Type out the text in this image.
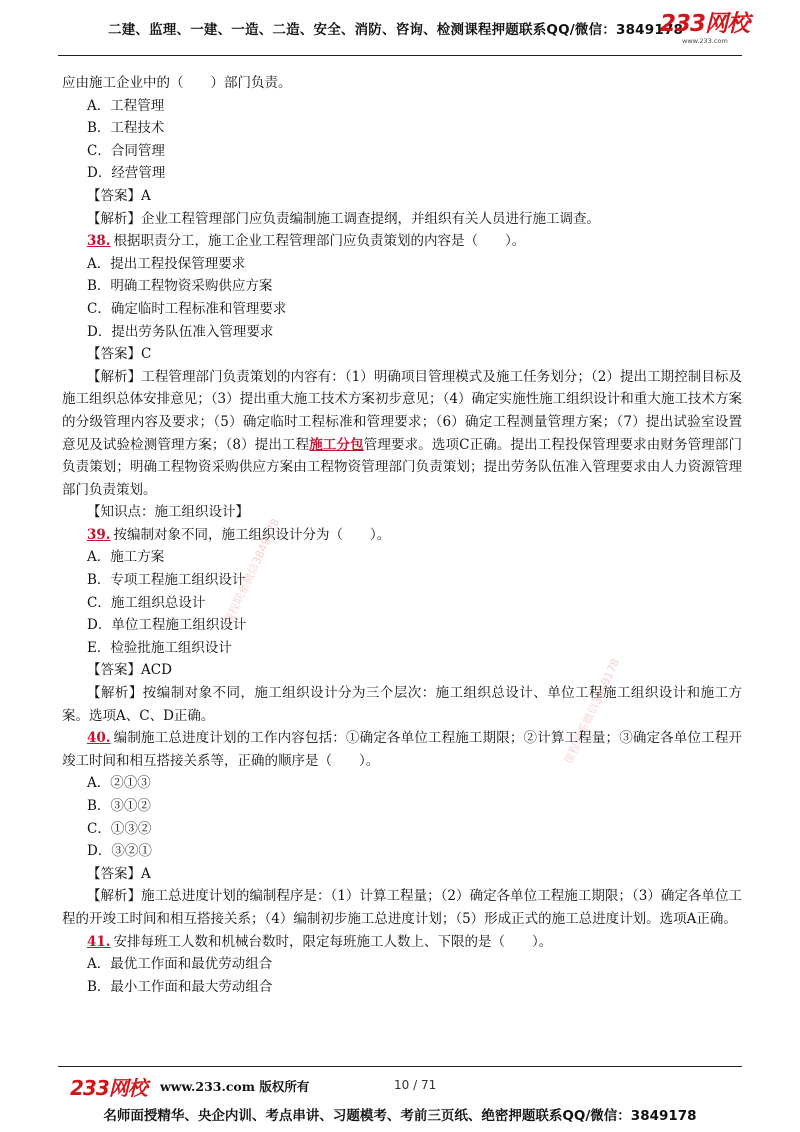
二建、监理、一建、一造、二造、安全、消防、咨询、检测课程押题联系QQ/微信：3849178
233网校
www.233.com
课程联系微信3849178
课程联系微信3849178

应由施工企业中的（　　）部门负责。

A．工程管理

B．工程技术

C．合同管理

D．经营管理

【答案】A

【解析】企业工程管理部门应负责编制施工调查提纲，并组织有关人员进行施工调查。

38. 根据职责分工，施工企业工程管理部门应负责策划的内容是（　　）。

A．提出工程投保管理要求

B．明确工程物资采购供应方案

C．确定临时工程标准和管理要求

D．提出劳务队伍准入管理要求

【答案】C

【解析】工程管理部门负责策划的内容有：（1）明确项目管理模式及施工任务划分；（2）提出工期控制目标及施工组织总体安排意见；（3）提出重大施工技术方案初步意见；（4）确定实施性施工组织设计和重大施工技术方案的分级管理内容及要求；（5）确定临时工程标准和管理要求；（6）确定工程测量管理方案；（7）提出试验室设置意见及试验检测管理方案；（8）提出工程施工分包管理要求。选项C正确。提出工程投保管理要求由财务管理部门负责策划；明确工程物资采购供应方案由工程物资管理部门负责策划；提出劳务队伍准入管理要求由人力资源管理部门负责策划。

【知识点：施工组织设计】

39. 按编制对象不同，施工组织设计分为（　　）。

A．施工方案

B．专项工程施工组织设计

C．施工组织总设计

D．单位工程施工组织设计

E．检验批施工组织设计

【答案】ACD

【解析】按编制对象不同，施工组织设计分为三个层次：施工组织总设计、单位工程施工组织设计和施工方案。选项A、C、D正确。

40. 编制施工总进度计划的工作内容包括：①确定各单位工程施工期限；②计算工程量；③确定各单位工程开竣工时间和相互搭接关系等，正确的顺序是（　　）。

A．②①③

B．③①②

C．①③②

D．③②①

【答案】A

【解析】施工总进度计划的编制程序是：（1）计算工程量；（2）确定各单位工程施工期限；（3）确定各单位工程的开竣工时间和相互搭接关系；（4）编制初步施工总进度计划；（5）形成正式的施工总进度计划。选项A正确。

41. 安排每班工人数和机械台数时，限定每班施工人数上、下限的是（　　）。

A．最优工作面和最优劳动组合

B．最小工作面和最大劳动组合

233网校 www.233.com 版权所有	10 / 71
名师面授精华、央企内训、考点串讲、习题模考、考前三页纸、绝密押题联系QQ/微信：3849178
